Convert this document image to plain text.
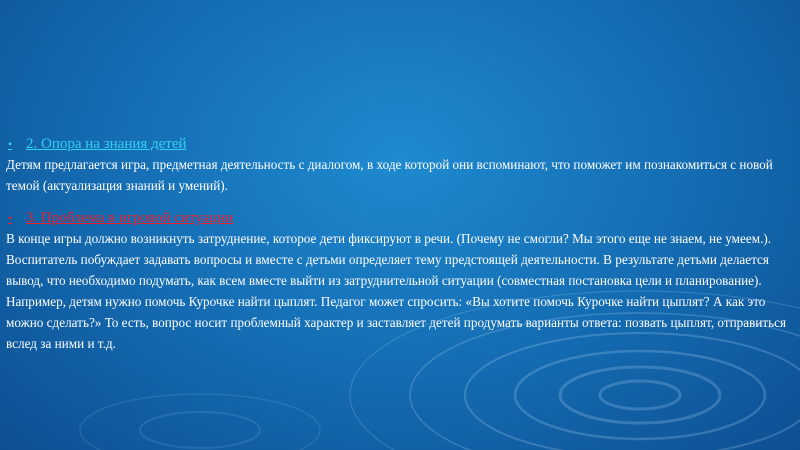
• 2. Опора на знания детей

Детям предлагается игра, предметная деятельность с диалогом, в ходе которой они вспоминают, что поможет им познакомиться с новой темой (актуализация знаний и умений).

• 3. Проблема в игровой ситуации

В конце игры должно возникнуть затруднение, которое дети фиксируют в речи. (Почему не смогли? Мы этого еще не знаем, не умеем.). Воспитатель побуждает задавать вопросы и вместе с детьми определяет тему предстоящей деятельности. В результате детьми делается вывод, что необходимо подумать, как всем вместе выйти из затруднительной ситуации (совместная постановка цели и планирование). Например, детям нужно помочь Курочке найти цыплят. Педагог может спросить: «Вы хотите помочь Курочке найти цыплят? А как это можно сделать?» То есть, вопрос носит проблемный характер и заставляет детей продумать варианты ответа: позвать цыплят, отправиться вслед за ними и т.д.
